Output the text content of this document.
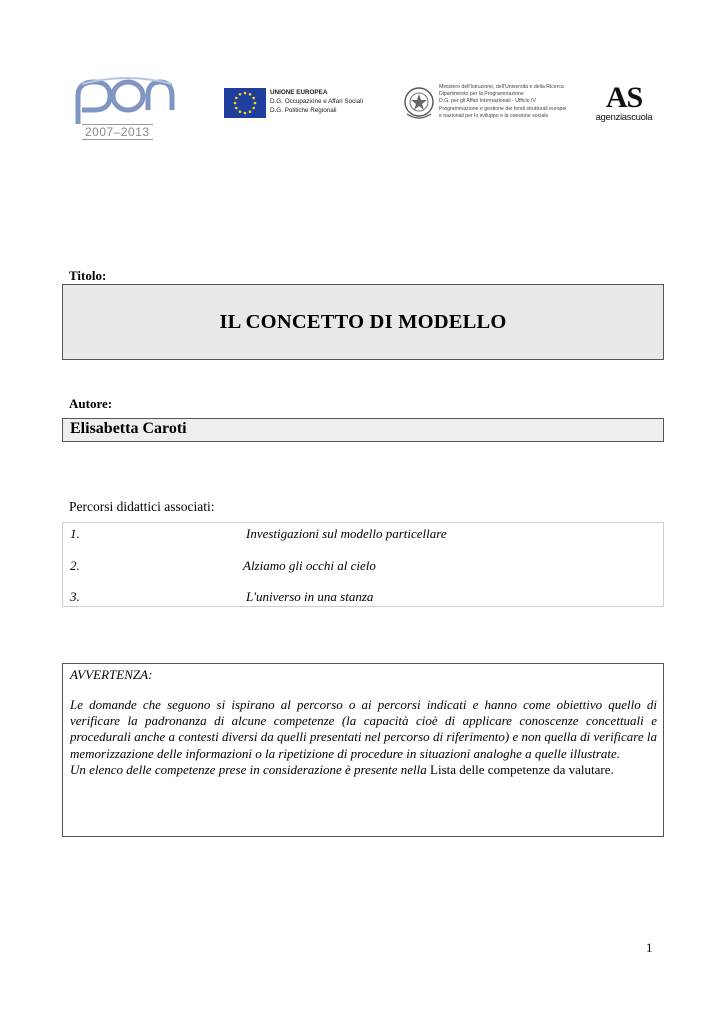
2007–2013
UNIONE EUROPEA
D.G. Occupazione e Affari Sociali
D.G. Politiche Regionali
Ministero dell'Istruzione, dell'Università e della Ricerca
Dipartimento per la Programmazione
D.G. per gli Affari Internazionali - Ufficio IV
Programmazione e gestione dei fondi strutturali europei
e nazionali per lo sviluppo e la coesione sociale
AS
agenziascuola
Titolo:
IL CONCETTO DI MODELLO
Autore:
Elisabetta Caroti
Percorsi didattici associati:
1.	Investigazioni sul modello particellare
2.	Alziamo gli occhi al cielo
3.	L'universo in una stanza
AVVERTENZA:
Le domande che seguono si ispirano al percorso o ai percorsi indicati e hanno come obiettivo quello di verificare la padronanza di alcune competenze (la capacità cioè di applicare conoscenze concettuali e procedurali anche a contesti diversi da quelli presentati nel percorso di riferimento) e non quella di verificare la memorizzazione delle informazioni o la ripetizione di procedure in situazioni analoghe a quelle illustrate.
Un elenco delle competenze prese in considerazione è presente nella Lista delle competenze da valutare.
1
